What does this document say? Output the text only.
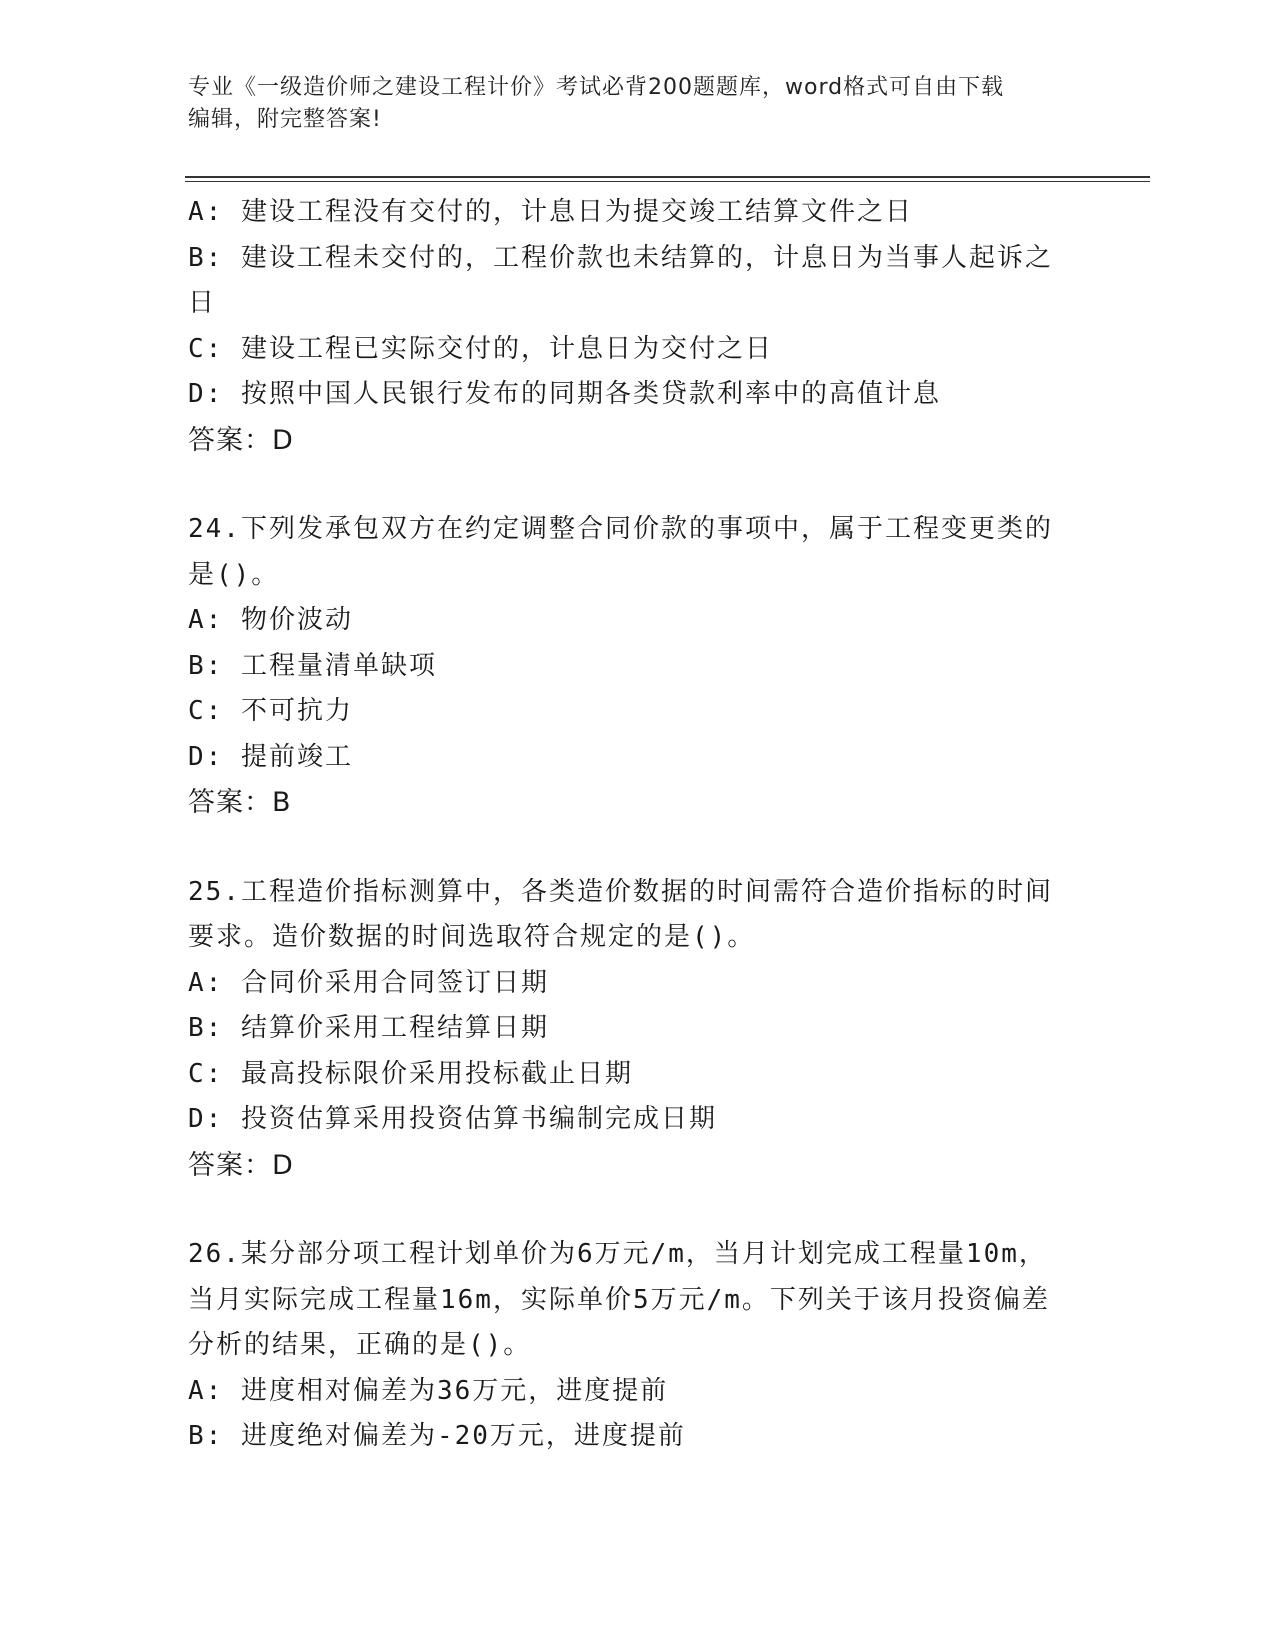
专业《一级造价师之建设工程计价》考试必背200题题库，word格式可自由下载
编辑，附完整答案!
A: 建设工程没有交付的，计息日为提交竣工结算文件之日
B: 建设工程未交付的，工程价款也未结算的，计息日为当事人起诉之
日
C: 建设工程已实际交付的，计息日为交付之日
D: 按照中国人民银行发布的同期各类贷款利率中的高值计息
答案：D
24.下列发承包双方在约定调整合同价款的事项中，属于工程变更类的
是()。
A: 物价波动
B: 工程量清单缺项
C: 不可抗力
D: 提前竣工
答案：B
25.工程造价指标测算中，各类造价数据的时间需符合造价指标的时间
要求。造价数据的时间选取符合规定的是()。
A: 合同价采用合同签订日期
B: 结算价采用工程结算日期
C: 最高投标限价采用投标截止日期
D: 投资估算采用投资估算书编制完成日期
答案：D
26.某分部分项工程计划单价为6万元/m，当月计划完成工程量10m，
当月实际完成工程量16m，实际单价5万元/m。下列关于该月投资偏差
分析的结果，正确的是()。
A: 进度相对偏差为36万元，进度提前
B: 进度绝对偏差为-20万元，进度提前
